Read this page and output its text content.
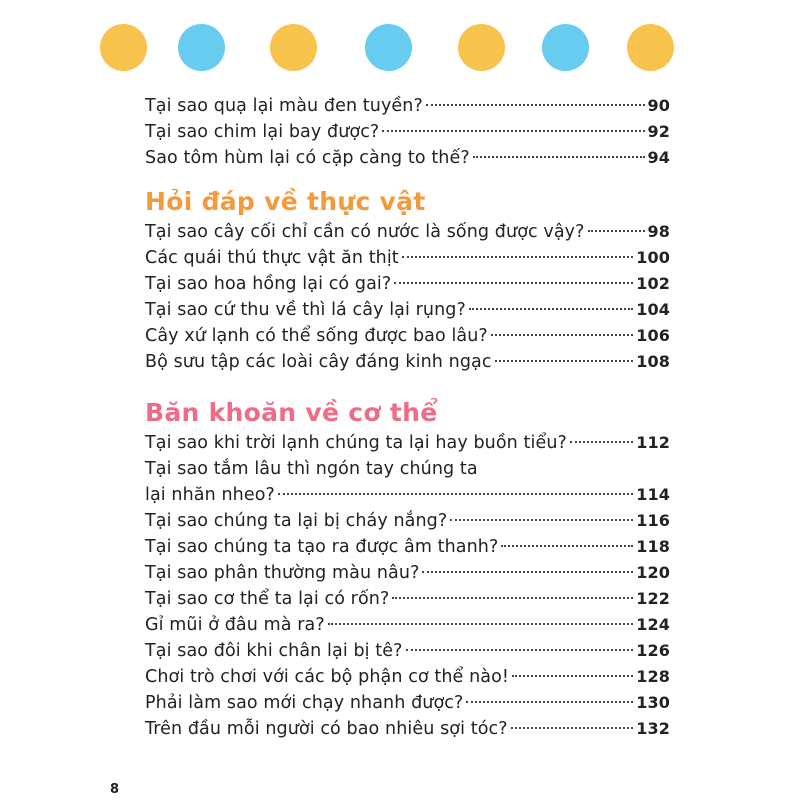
Tại sao quạ lại màu đen tuyền?	90
Tại sao chim lại bay được?	92
Sao tôm hùm lại có cặp càng to thế?	94
Hỏi đáp về thực vật
Tại sao cây cối chỉ cần có nước là sống được vậy?	98
Các quái thú thực vật ăn thịt	100
Tại sao hoa hồng lại có gai?	102
Tại sao cứ thu về thì lá cây lại rụng?	104
Cây xứ lạnh có thể sống được bao lâu?	106
Bộ sưu tập các loài cây đáng kinh ngạc	108
Băn khoăn về cơ thể
Tại sao khi trời lạnh chúng ta lại hay buồn tiểu?	112
Tại sao tắm lâu thì ngón tay chúng ta
lại nhăn nheo?	114
Tại sao chúng ta lại bị cháy nắng?	116
Tại sao chúng ta tạo ra được âm thanh?	118
Tại sao phân thường màu nâu?	120
Tại sao cơ thể ta lại có rốn?	122
Gỉ mũi ở đâu mà ra?	124
Tại sao đôi khi chân lại bị tê?	126
Chơi trò chơi với các bộ phận cơ thể nào!	128
Phải làm sao mới chạy nhanh được?	130
Trên đầu mỗi người có bao nhiêu sợi tóc?	132
8
